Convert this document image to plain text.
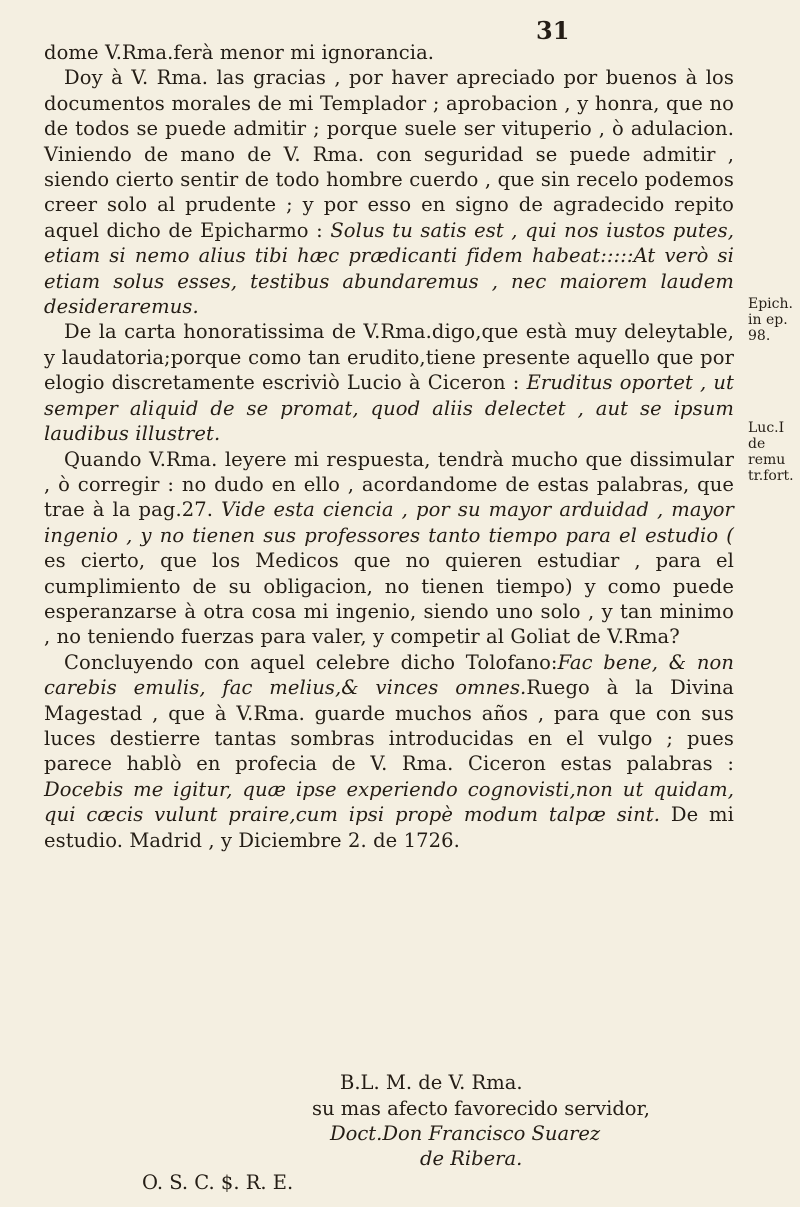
31

dome V.Rma.ferà menor mi ignorancia.

Doy à V. Rma. las gracias , por haver apreciado por buenos à los documentos morales de mi Templador ; aprobacion , y honra, que no de todos se puede admitir ; porque suele ser vituperio , ò adulacion. Viniendo de mano de V. Rma. con seguridad se puede admitir , siendo cierto sentir de todo hombre cuerdo , que sin recelo podemos creer solo al prudente ; y por esso en signo de agradecido repito aquel dicho de Epicharmo : Solus tu satis est , qui nos iustos putes, etiam si nemo alius tibi hæc prædicanti fidem habeat:::::At verò si etiam solus esses, testibus abundaremus , nec maiorem laudem desideraremus.

De la carta honoratissima de V.Rma.digo,que està muy deleytable, y laudatoria;porque como tan erudito,tiene presente aquello que por elogio discretamente escriviò Lucio à Ciceron : Eruditus oportet , ut semper aliquid de se promat, quod aliis delectet , aut se ipsum laudibus illustret.

Quando V.Rma. leyere mi respuesta, tendrà mucho que dissimular , ò corregir : no dudo en ello , acordandome de estas palabras, que trae à la pag.27. Vide esta ciencia , por su mayor arduidad , mayor ingenio , y no tienen sus professores tanto tiempo para el estudio ( es cierto, que los Medicos que no quieren estudiar , para el cumplimiento de su obligacion, no tienen tiempo) y como puede esperanzarse à otra cosa mi ingenio, siendo uno solo , y tan minimo , no teniendo fuerzas para valer, y competir al Goliat de V.Rma?

Concluyendo con aquel celebre dicho Tolofano:Fac bene, & non carebis emulis, fac melius,& vinces omnes.Ruego à la Divina Magestad , que à V.Rma. guarde muchos años , para que con sus luces destierre tantas sombras introducidas en el vulgo ; pues parece hablò en profecia de V. Rma. Ciceron estas palabras : Docebis me igitur, quæ ipse experiendo cognovisti,non ut quidam, qui cæcis vulunt praire,cum ipsi propè modum talpæ sint. De mi estudio. Madrid , y Diciembre 2. de 1726.

Epich. in ep. 98.
Luc.I de remu tr.fort.
B.L. M. de V. Rma.
su mas afecto favorecido servidor,
Doct.Don Francisco Suarez
de Ribera.
O. S. C. $. R. E.
